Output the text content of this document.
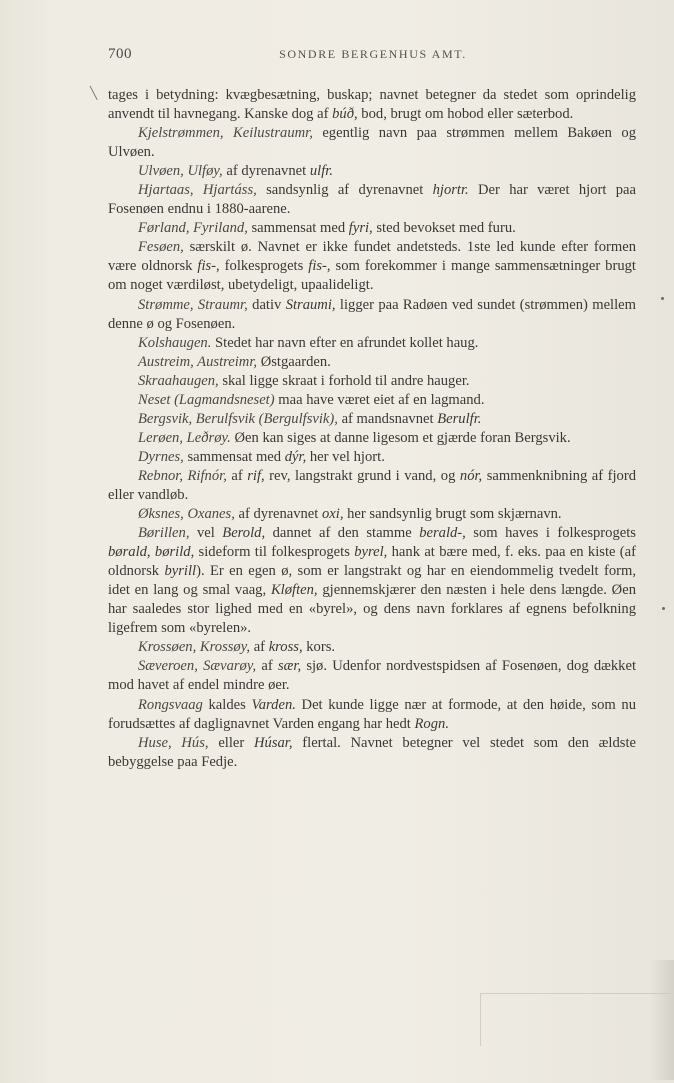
700	SONDRE BERGENHUS AMT.
╲ tages i betydning: kvægbesætning, buskap; navnet betegner da stedet som oprindelig anvendt til havnegang. Kanske dog af búð, bod, brugt om hobod eller sæterbod.

Kjelstrømmen, Keilustraumr, egentlig navn paa strømmen mellem Bakøen og Ulvøen.

Ulvøen, Ulføy, af dyrenavnet ulfr.

Hjartaas, Hjartáss, sandsynlig af dyrenavnet hjortr. Der har været hjort paa Fosenøen endnu i 1880-aarene.

Førland, Fyriland, sammensat med fyri, sted bevokset med furu.

Fesøen, særskilt ø. Navnet er ikke fundet andetsteds. 1ste led kunde efter formen være oldnorsk fis-, folkesprogets fis-, som forekommer i mange sammensætninger brugt om noget værdiløst, ubetydeligt, upaalideligt.

Strømme, Straumr, dativ Straumi, ligger paa Radøen ved sundet (strømmen) mellem denne ø og Fosenøen.

Kolshaugen. Stedet har navn efter en afrundet kollet haug.

Austreim, Austreimr, Østgaarden.

Skraahaugen, skal ligge skraat i forhold til andre hauger.

Neset (Lagmandsneset) maa have været eiet af en lagmand.

Bergsvik, Berulfsvik (Bergulfsvik), af mandsnavnet Berulfr.

Lerøen, Leðrøy. Øen kan siges at danne ligesom et gjærde foran Bergsvik.

Dyrnes, sammensat med dýr, her vel hjort.

Rebnor, Rifnór, af rif, rev, langstrakt grund i vand, og nór, sammenknibning af fjord eller vandløb.

Øksnes, Oxanes, af dyrenavnet oxi, her sandsynlig brugt som skjærnavn.

Børillen, vel Berold, dannet af den stamme berald-, som haves i folkesprogets børald, børild, sideform til folkesprogets byrel, hank at bære med, f. eks. paa en kiste (af oldnorsk byrill). Er en egen ø, som er langstrakt og har en eiendommelig tvedelt form, idet en lang og smal vaag, Kløften, gjennemskjærer den næsten i hele dens længde. Øen har saaledes stor lighed med en «byrel», og dens navn forklares af egnens befolkning ligefrem som «byrelen».

Krossøen, Krossøy, af kross, kors.

Sæveroen, Sævarøy, af sær, sjø. Udenfor nordvestspidsen af Fosenøen, dog dækket mod havet af endel mindre øer.

Rongsvaag kaldes Varden. Det kunde ligge nær at formode, at den høide, som nu forudsættes af daglignavnet Varden engang har hedt Rogn.

Huse, Hús, eller Húsar, flertal. Navnet betegner vel stedet som den ældste bebyggelse paa Fedje.
